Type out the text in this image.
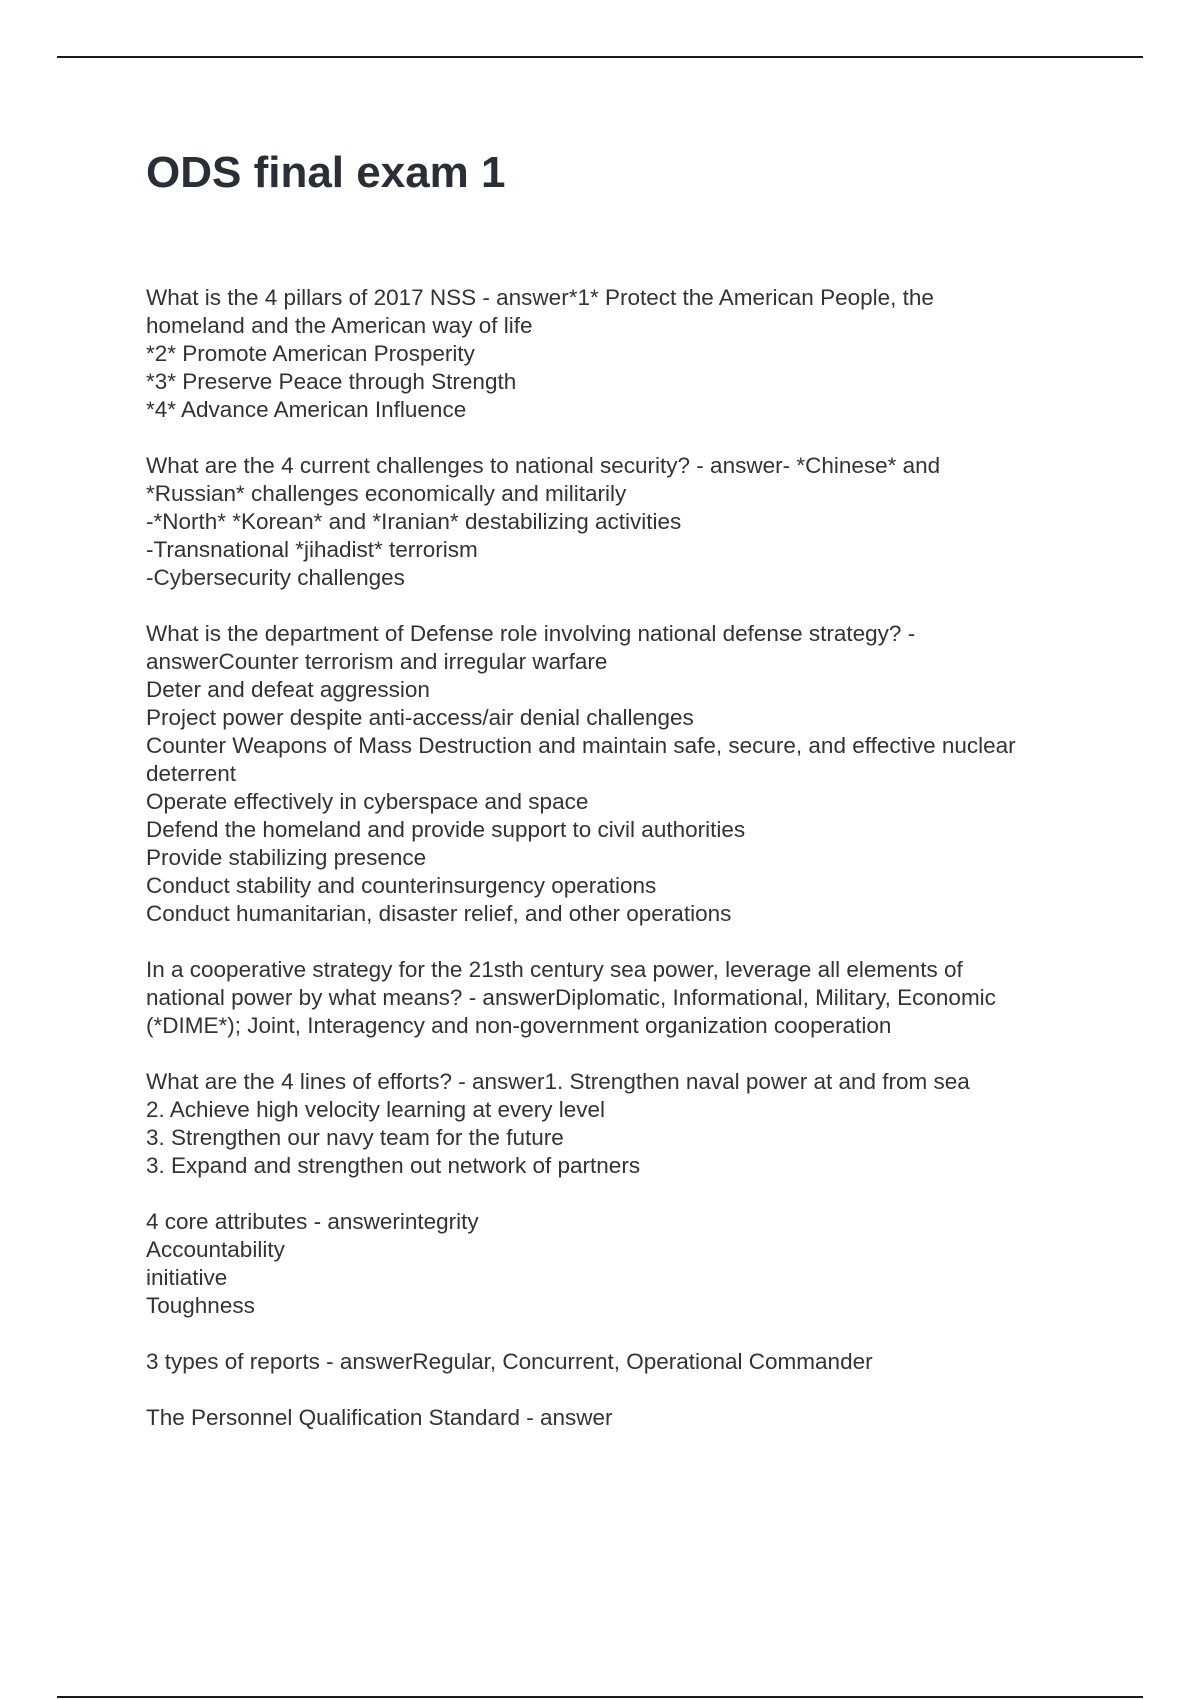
ODS final exam 1
What is the 4 pillars of 2017 NSS - answer*1* Protect the American People, the
homeland and the American way of life
*2* Promote American Prosperity
*3* Preserve Peace through Strength
*4* Advance American Influence
What are the 4 current challenges to national security? - answer- *Chinese* and
*Russian* challenges economically and militarily
-*North* *Korean* and *Iranian* destabilizing activities
-Transnational *jihadist* terrorism
-Cybersecurity challenges
What is the department of Defense role involving national defense strategy? -
answerCounter terrorism and irregular warfare
Deter and defeat aggression
Project power despite anti-access/air denial challenges
Counter Weapons of Mass Destruction and maintain safe, secure, and effective nuclear
deterrent
Operate effectively in cyberspace and space
Defend the homeland and provide support to civil authorities
Provide stabilizing presence
Conduct stability and counterinsurgency operations
Conduct humanitarian, disaster relief, and other operations
In a cooperative strategy for the 21sth century sea power, leverage all elements of
national power by what means? - answerDiplomatic, Informational, Military, Economic
(*DIME*); Joint, Interagency and non-government organization cooperation
What are the 4 lines of efforts? - answer1. Strengthen naval power at and from sea
2. Achieve high velocity learning at every level
3. Strengthen our navy team for the future
3. Expand and strengthen out network of partners
4 core attributes - answerintegrity
Accountability
initiative
Toughness
3 types of reports - answerRegular, Concurrent, Operational Commander
The Personnel Qualification Standard - answer
